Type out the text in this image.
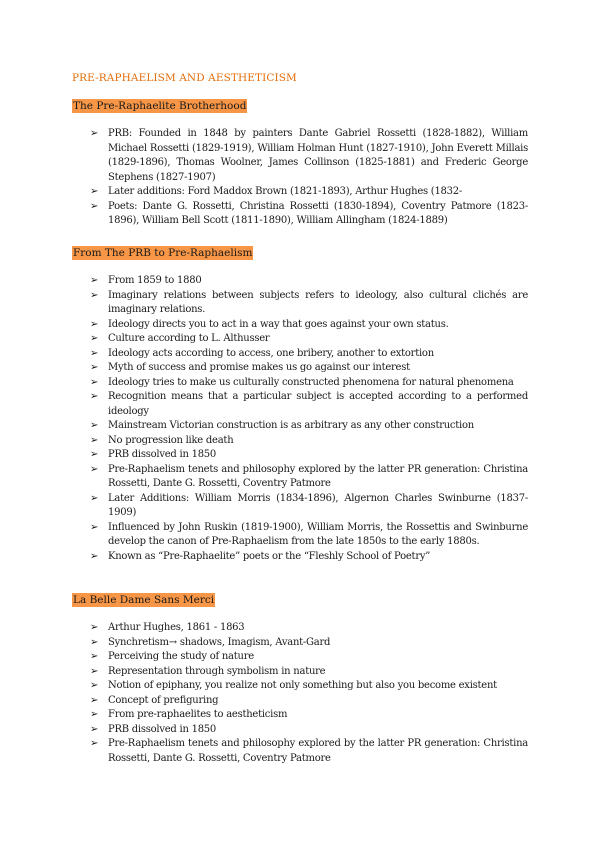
PRE-RAPHAELISM AND AESTHETICISM
The Pre-Raphaelite Brotherhood
➢ PRB: Founded in 1848 by painters Dante Gabriel Rossetti (1828-1882), William Michael Rossetti (1829-1919), William Holman Hunt (1827-1910), John Everett Millais (1829-1896), Thomas Woolner, James Collinson (1825-1881) and Frederic George Stephens (1827-1907)
➢ Later additions: Ford Maddox Brown (1821-1893), Arthur Hughes (1832-
➢ Poets: Dante G. Rossetti, Christina Rossetti (1830-1894), Coventry Patmore (1823-1896), William Bell Scott (1811-1890), William Allingham (1824-1889)
From The PRB to Pre-Raphaelism
➢ From 1859 to 1880
➢ Imaginary relations between subjects refers to ideology, also cultural clichés are imaginary relations.
➢ Ideology directs you to act in a way that goes against your own status.
➢ Culture according to L. Althusser
➢ Ideology acts according to access, one bribery, another to extortion
➢ Myth of success and promise makes us go against our interest
➢ Ideology tries to make us culturally constructed phenomena for natural phenomena
➢ Recognition means that a particular subject is accepted according to a performed ideology
➢ Mainstream Victorian construction is as arbitrary as any other construction
➢ No progression like death
➢ PRB dissolved in 1850
➢ Pre-Raphaelism tenets and philosophy explored by the latter PR generation: Christina Rossetti, Dante G. Rossetti, Coventry Patmore
➢ Later Additions: William Morris (1834-1896), Algernon Charles Swinburne (1837-1909)
➢ Influenced by John Ruskin (1819-1900), William Morris, the Rossettis and Swinburne develop the canon of Pre-Raphaelism from the late 1850s to the early 1880s.
➢ Known as “Pre-Raphaelite” poets or the “Fleshly School of Poetry”
La Belle Dame Sans Merci
➢ Arthur Hughes, 1861 - 1863
➢ Synchretism→ shadows, Imagism, Avant-Gard
➢ Perceiving the study of nature
➢ Representation through symbolism in nature
➢ Notion of epiphany, you realize not only something but also you become existent
➢ Concept of prefiguring
➢ From pre-raphaelites to aestheticism
➢ PRB dissolved in 1850
➢ Pre-Raphaelism tenets and philosophy explored by the latter PR generation: Christina Rossetti, Dante G. Rossetti, Coventry Patmore
